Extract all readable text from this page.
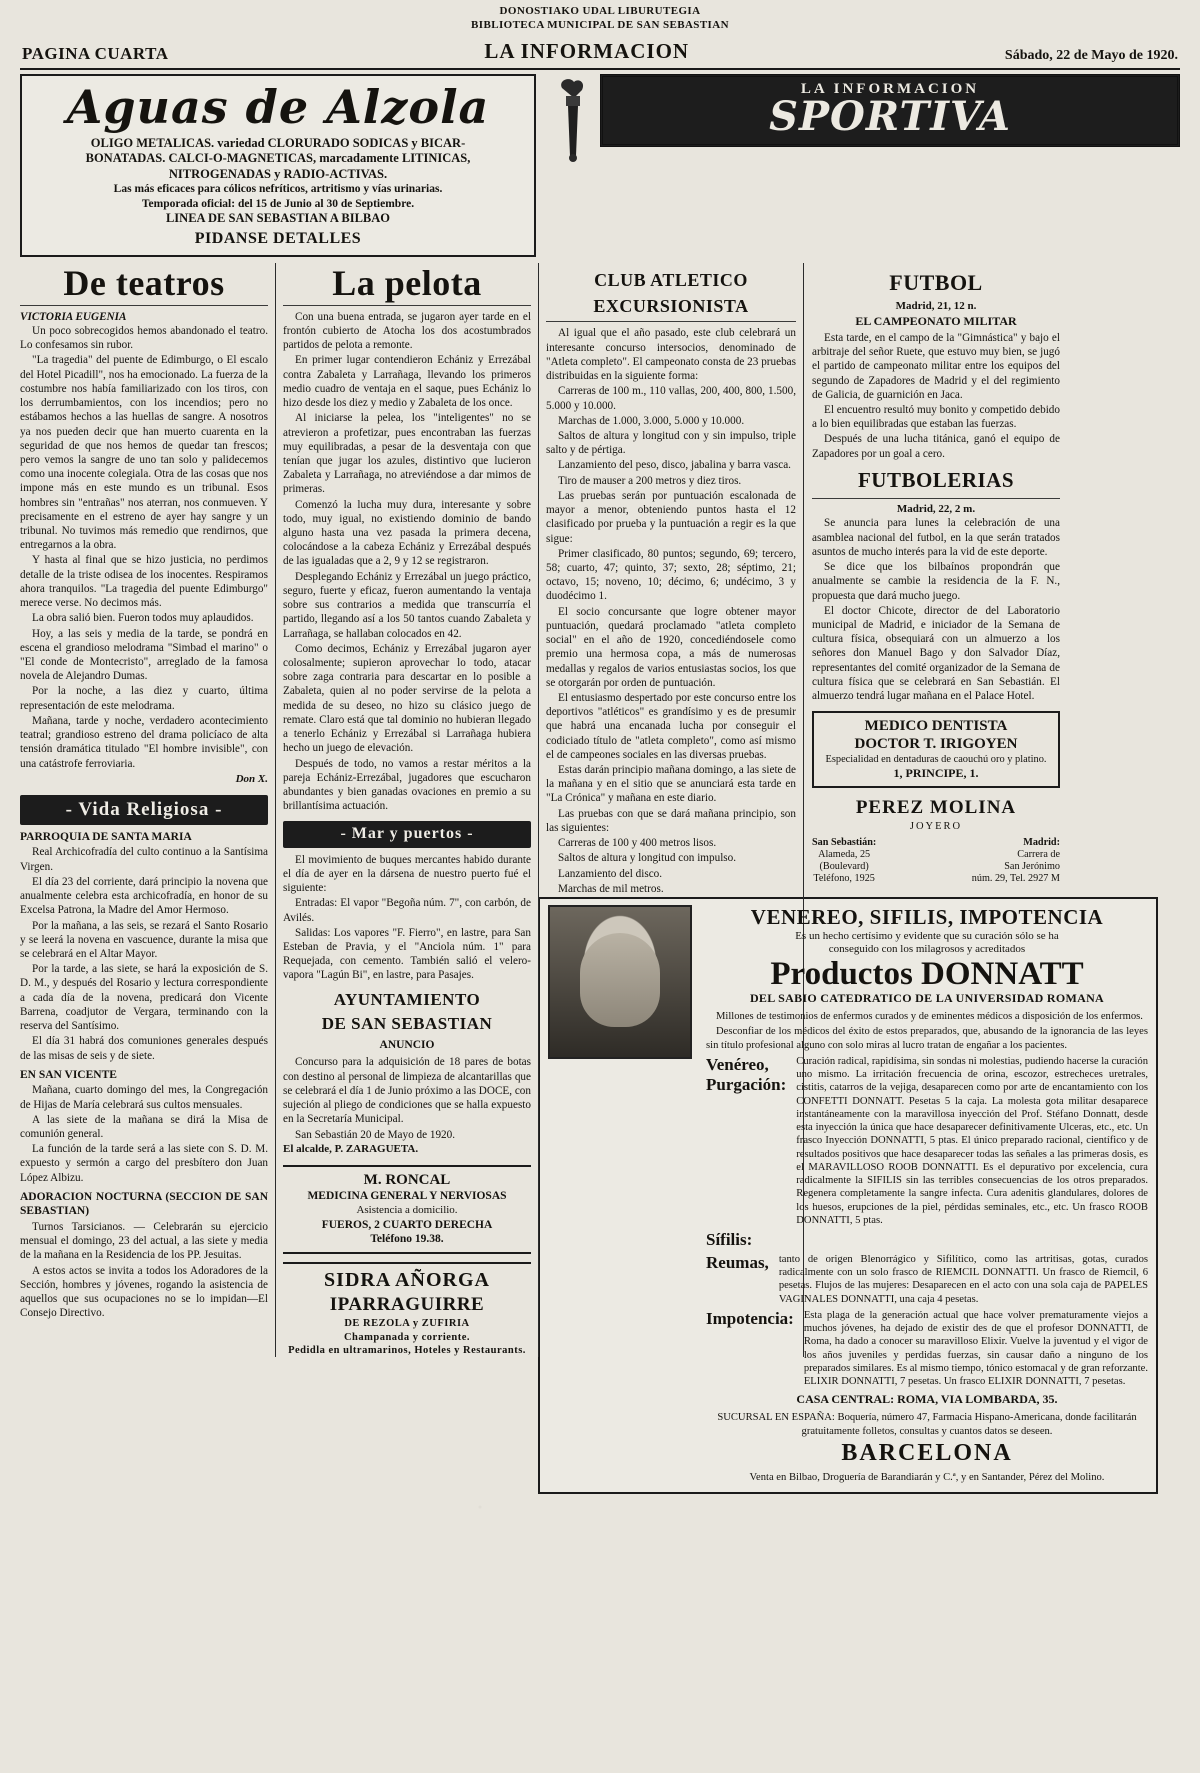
DONOSTIAKO UDAL LIBURUTEGIA
BIBLIOTECA MUNICIPAL DE SAN SEBASTIAN
PAGINA CUARTA	LA INFORMACION	Sábado, 22 de Mayo de 1920.
Aguas de Alzola
OLIGO METALICAS. variedad CLORURADO SODICAS y BICAR-
BONATADAS. CALCI-O-MAGNETICAS, marcadamente LITINICAS,
NITROGENADAS y RADIO-ACTIVAS.
Las más eficaces para cólicos nefríticos, artritismo y vías urinarias.
Temporada oficial: del 15 de Junio al 30 de Septiembre.
LINEA DE SAN SEBASTIAN A BILBAO
PIDANSE DETALLES
LA INFORMACION
SPORTIVA
De teatros
VICTORIA EUGENIA

Un poco sobrecogidos hemos abandonado el teatro. Lo confesamos sin rubor.

"La tragedia" del puente de Edimburgo, o El escalo del Hotel Picadill", nos ha emocionado. La fuerza de la costumbre nos había familiarizado con los tiros, con los derrumbamientos, con los incendios; pero no estábamos hechos a las huellas de sangre. A nosotros ya nos pueden decir que han muerto cuarenta en la seguridad de que nos hemos de quedar tan frescos; pero vemos la sangre de uno tan solo y palidecemos como una inocente colegiala. Otra de las cosas que nos impone más en este mundo es un tribunal. Esos hombres sin "entrañas" nos aterran, nos conmueven. Y precisamente en el estreno de ayer hay sangre y un tribunal. No tuvimos más remedio que rendirnos, que entregarnos a la obra.

Y hasta al final que se hizo justicia, no perdimos detalle de la triste odisea de los inocentes. Respiramos ahora tranquilos. "La tragedia del puente Edimburgo" merece verse. No decimos más.

La obra salió bien. Fueron todos muy aplaudidos.

Hoy, a las seis y media de la tarde, se pondrá en escena el grandioso melodrama "Simbad el marino" o "El conde de Montecristo", arreglado de la famosa novela de Alejandro Dumas.

Por la noche, a las diez y cuarto, última representación de este melodrama.

Mañana, tarde y noche, verdadero acontecimiento teatral; grandioso estreno del drama policíaco de alta tensión dramática titulado "El hombre invisible", con una catástrofe ferroviaria.

Don X.
- Vida Religiosa -
PARROQUIA DE SANTA MARIA

Real Archicofradía del culto continuo a la Santísima Virgen.

El día 23 del corriente, dará principio la novena que anualmente celebra esta archicofradía, en honor de su Excelsa Patrona, la Madre del Amor Hermoso.

Por la mañana, a las seis, se rezará el Santo Rosario y se leerá la novena en vascuence, durante la misa que se celebrará en el Altar Mayor.

Por la tarde, a las siete, se hará la exposición de S. D. M., y después del Rosario y lectura correspondiente a cada día de la novena, predicará don Vicente Barrena, coadjutor de Vergara, terminando con la reserva del Santísimo.

El día 31 habrá dos comuniones generales después de las misas de seis y de siete.

EN SAN VICENTE

Mañana, cuarto domingo del mes, la Congregación de Hijas de María celebrará sus cultos mensuales.

A las siete de la mañana se dirá la Misa de comunión general.

La función de la tarde será a las siete con S. D. M. expuesto y sermón a cargo del presbítero don Juan López Albizu.

ADORACION NOCTURNA (SECCION DE SAN SEBASTIAN)

Turnos Tarsicianos. — Celebrarán su ejercicio mensual el domingo, 23 del actual, a las siete y media de la mañana en la Residencia de los PP. Jesuitas.

A estos actos se invita a todos los Adoradores de la Sección, hombres y jóvenes, rogando la asistencia de aquellos que sus ocupaciones no se lo impidan—El Consejo Directivo.

La pelota

Con una buena entrada, se jugaron ayer tarde en el frontón cubierto de Atocha los dos acostumbrados partidos de pelota a remonte.

En primer lugar contendieron Echániz y Errezábal contra Zabaleta y Larrañaga, llevando los primeros medio cuadro de ventaja en el saque, pues Echániz lo hizo desde los diez y medio y Zabaleta de los once.

Al iniciarse la pelea, los "inteligentes" no se atrevieron a profetizar, pues encontraban las fuerzas muy equilibradas, a pesar de la desventaja con que tenían que jugar los azules, distintivo que lucieron Zabaleta y Larrañaga, no atreviéndose a dar mimos de primeras.

Comenzó la lucha muy dura, interesante y sobre todo, muy igual, no existiendo dominio de bando alguno hasta una vez pasada la primera decena, colocándose a la cabeza Echániz y Errezábal después de las igualadas que a 2, 9 y 12 se registraron.

Desplegando Echániz y Errezábal un juego práctico, seguro, fuerte y eficaz, fueron aumentando la ventaja sobre sus contrarios a medida que transcurría el partido, llegando así a los 50 tantos cuando Zabaleta y Larrañaga, se hallaban colocados en 42.

Como decimos, Echániz y Errezábal jugaron ayer colosalmente; supieron aprovechar lo todo, atacar sobre zaga contraria para descartar en lo posible a Zabaleta, quien al no poder servirse de la pelota a medida de su deseo, no hizo su clásico juego de remate. Claro está que tal dominio no hubieran llegado a tenerlo Echániz y Errezábal si Larrañaga hubiera hecho un juego de elevación.

Después de todo, no vamos a restar méritos a la pareja Echániz-Errezábal, jugadores que escucharon abundantes y bien ganadas ovaciones en premio a su brillantísima actuación.

- Mar y puertos -

El movimiento de buques mercantes habido durante el día de ayer en la dársena de nuestro puerto fué el siguiente:

Entradas: El vapor "Begoña núm. 7", con carbón, de Avilés.

Salidas: Los vapores "F. Fierro", en lastre, para San Esteban de Pravia, y el "Anciola núm. 1" para Requejada, con cemento. También salió el velero-vapora "Lagún Bi", en lastre, para Pasajes.

AYUNTAMIENTO
DE SAN SEBASTIAN
ANUNCIO

Concurso para la adquisición de 18 pares de botas con destino al personal de limpieza de alcantarillas que se celebrará el día 1 de Junio próximo a las DOCE, con sujeción al pliego de condiciones que se halla expuesto en la Secretaría Municipal.

San Sebastián 20 de Mayo de 1920.

El alcalde, P. ZARAGUETA.
M. RONCAL
MEDICINA GENERAL Y NERVIOSAS
Asistencia a domicilio.
FUEROS, 2 CUARTO DERECHA
Teléfono 19.38.
SIDRA AÑORGA
IPARRAGUIRRE
DE REZOLA y ZUFIRIA
Champanada y corriente.
Pedidla en ultramarinos, Hoteles y Restaurants.
CLUB ATLETICO
EXCURSIONISTA

Al igual que el año pasado, este club celebrará un interesante concurso intersocios, denominado de "Atleta completo". El campeonato consta de 23 pruebas distribuidas en la siguiente forma:

Carreras de 100 m., 110 vallas, 200, 400, 800, 1.500, 5.000 y 10.000.

Marchas de 1.000, 3.000, 5.000 y 10.000.

Saltos de altura y longitud con y sin impulso, triple salto y de pértiga.

Lanzamiento del peso, disco, jabalina y barra vasca.

Tiro de mauser a 200 metros y diez tiros.

Las pruebas serán por puntuación escalonada de mayor a menor, obteniendo puntos hasta el 12 clasificado por prueba y la puntuación a regir es la que sigue:

Primer clasificado, 80 puntos; segundo, 69; tercero, 58; cuarto, 47; quinto, 37; sexto, 28; séptimo, 21; octavo, 15; noveno, 10; décimo, 6; undécimo, 3 y duodécimo 1.

El socio concursante que logre obtener mayor puntuación, quedará proclamado "atleta completo social" en el año de 1920, concediéndosele como premio una hermosa copa, a más de numerosas medallas y regalos de varios entusiastas socios, los que se otorgarán por orden de puntuación.

El entusiasmo despertado por este concurso entre los deportivos "atléticos" es grandísimo y es de presumir que habrá una encanada lucha por conseguir el codiciado título de "atleta completo", como así mismo el de campeones sociales en las diversas pruebas.

Estas darán principio mañana domingo, a las siete de la mañana y en el sitio que se anunciará esta tarde en "La Crónica" y mañana en este diario.

Las pruebas con que se dará mañana principio, son las siguientes:

Carreras de 100 y 400 metros lisos.

Saltos de altura y longitud con impulso.

Lanzamiento del disco.

Marchas de mil metros.

FUTBOL
Madrid, 21, 12 n.
EL CAMPEONATO MILITAR

Esta tarde, en el campo de la "Gimnástica" y bajo el arbitraje del señor Ruete, que estuvo muy bien, se jugó el partido de campeonato militar entre los equipos del segundo de Zapadores de Madrid y el del regimiento de Galicia, de guarnición en Jaca.

El encuentro resultó muy bonito y competido debido a lo bien equilibradas que estaban las fuerzas.

Después de una lucha titánica, ganó el equipo de Zapadores por un goal a cero.

FUTBOLERIAS
Madrid, 22, 2 m.

Se anuncia para lunes la celebración de una asamblea nacional del futbol, en la que serán tratados asuntos de mucho interés para la vid de este deporte.

Se dice que los bilbaínos propondrán que anualmente se cambie la residencia de la F. N., propuesta que dará mucho juego.

El doctor Chicote, director de del Laboratorio municipal de Madrid, e iniciador de la Semana de cultura física, obsequiará con un almuerzo a los señores don Manuel Bago y don Salvador Díaz, representantes del comité organizador de la Semana de cultura física que se celebrará en San Sebastián. El almuerzo tendrá lugar mañana en el Palace Hotel.

MEDICO DENTISTA
DOCTOR T. IRIGOYEN
Especialidad en dentaduras de caouchú oro y platino.
1, PRINCIPE, 1.
PEREZ MOLINA
JOYERO
San Sebastián:
Alameda, 25
(Boulevard)
Teléfono, 1925
Madrid:
Carrera de
San Jerónimo
núm. 29, Tel. 2927 M
VENEREO, SIFILIS, IMPOTENCIA
Es un hecho certísimo y evidente que su curación sólo se ha
conseguido con los milagrosos y acreditados
Productos DONNATT
DEL SABIO CATEDRATICO DE LA UNIVERSIDAD ROMANA

Millones de testimonios de enfermos curados y de eminentes médicos a disposición de los enfermos.

Desconfiar de los médicos del éxito de estos preparados, que, abusando de la ignorancia de las leyes sin título profesional alguno con solo miras al lucro tratan de engañar a los pacientes.

Venéreo, Purgación:
Curación radical, rapidísima, sin sondas ni molestias, pudiendo hacerse la curación uno mismo. La irritación frecuencia de orina, escozor, estrecheces uretrales, cistitis, catarros de la vejiga, desaparecen como por arte de encantamiento con los CONFETTI DONNATT. Pesetas 5 la caja. La molesta gota militar desaparece instantáneamente con la maravillosa inyección del Prof. Stéfano Donnatt, desde esta inyección la única que hace desaparecer definitivamente Ulceras, etc., etc. Un frasco Inyección DONNATTI, 5 ptas. El único preparado racional, científico y de resultados positivos que hace desaparecer todas las señales a las primeras dosis, es el MARAVILLOSO ROOB DONNATTI. Es el depurativo por excelencia, cura radicalmente la SIFILIS sin las terribles consecuencias de los otros preparados. Regenera completamente la sangre infecta. Cura adenitis glandulares, dolores de los huesos, erupciones de la piel, pérdidas seminales, etc., etc. Un frasco ROOB DONNATTI, 5 ptas.
Sífilis:
Reumas, tanto de origen Blenorrágico y Sifilítico, como las artritisas, gotas, curados radicalmente con un solo frasco de RIEMCIL DONNATTI. Un frasco de Riemcil, 6 pesetas. Flujos de las mujeres: Desaparecen en el acto con una sola caja de PAPELES VAGINALES DONNATTI, una caja 4 pesetas.
Impotencia: Esta plaga de la generación actual que hace volver prematuramente viejos a muchos jóvenes, ha dejado de existir des de que el profesor DONNATTI, de Roma, ha dado a conocer su maravilloso Elixir. Vuelve la juventud y el vigor de los años juveniles y perdidas fuerzas, sin causar daño a ninguno de los preparados similares. Es al mismo tiempo, tónico estomacal y de gran reforzante. ELIXIR DONNATTI, 7 pesetas. Un frasco ELIXIR DONNATTI, 7 pesetas.
CASA CENTRAL: ROMA, VIA LOMBARDA, 35.
SUCURSAL EN ESPAÑA: Boquería, número 47, Farmacia Hispano-Americana, donde facilitarán gratuitamente folletos, consultas y cuantos datos se deseen.
BARCELONA
Venta en Bilbao, Droguería de Barandiarán y C.ª, y en Santander, Pérez del Molino.
